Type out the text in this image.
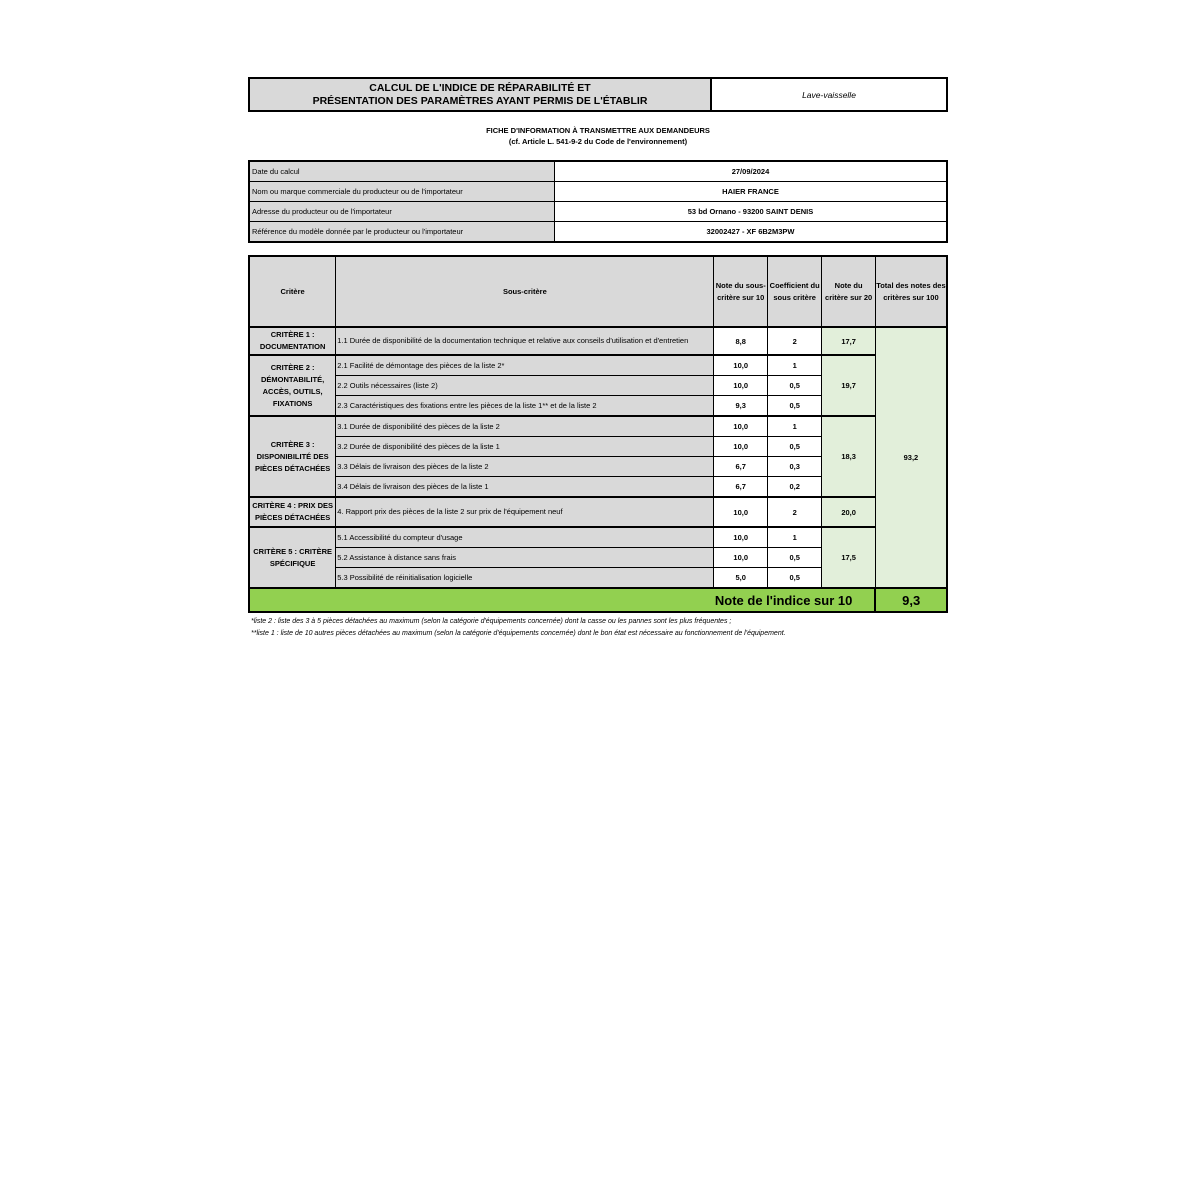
CALCUL DE L'INDICE DE RÉPARABILITÉ ET
PRÉSENTATION DES PARAMÈTRES AYANT PERMIS DE L'ÉTABLIR	Lave-vaisselle
FICHE D'INFORMATION À TRANSMETTRE AUX DEMANDEURS
(cf. Article L. 541-9-2 du Code de l'environnement)
Date du calcul	27/09/2024
Nom ou marque commerciale du producteur ou de l'importateur	HAIER FRANCE
Adresse du producteur ou de l'importateur	53 bd Ornano - 93200 SAINT DENIS
Référence du modèle donnée par le producteur ou l'importateur	32002427 - XF 6B2M3PW
Critère	Sous-critère	Note du sous-critère sur 10	Coefficient du sous critère	Note du critère sur 20	Total des notes des critères sur 100
CRITÈRE 1 : DOCUMENTATION	1.1 Durée de disponibilité de la documentation technique et relative aux conseils d'utilisation et d'entretien	8,8	2	17,7	93,2
CRITÈRE 2 : DÉMONTABILITÉ, ACCÈS, OUTILS, FIXATIONS	2.1 Facilité de démontage des pièces de la liste 2*	10,0	1	19,7	
	2.2 Outils nécessaires (liste 2)	10,0	0,5		
	2.3 Caractéristiques des fixations entre les pièces de la liste 1** et de la liste 2	9,3	0,5		
CRITÈRE 3 : DISPONIBILITÉ DES PIÈCES DÉTACHÉES	3.1 Durée de disponibilité des pièces de la liste 2	10,0	1	18,3	
	3.2 Durée de disponibilité des pièces de la liste 1	10,0	0,5		
	3.3 Délais de livraison des pièces de la liste 2	6,7	0,3		
	3.4 Délais de livraison des pièces de la liste 1	6,7	0,2		
CRITÈRE 4 : PRIX DES PIÈCES DÉTACHÉES	4. Rapport prix des pièces de la liste 2 sur prix de l'équipement neuf	10,0	2	20,0	
CRITÈRE 5 : CRITÈRE SPÉCIFIQUE	5.1 Accessibilité du compteur d'usage	10,0	1	17,5	
	5.2 Assistance à distance sans frais	10,0	0,5		
	5.3 Possibilité de réinitialisation logicielle	5,0	0,5		
Note de l'indice sur 10					9,3
*liste 2 : liste des 3 à 5 pièces détachées au maximum (selon la catégorie d'équipements concernée) dont la casse ou les pannes sont les plus fréquentes ;
**liste 1 : liste de 10 autres pièces détachées au maximum (selon la catégorie d'équipements concernée) dont le bon état est nécessaire au fonctionnement de l'équipement.
